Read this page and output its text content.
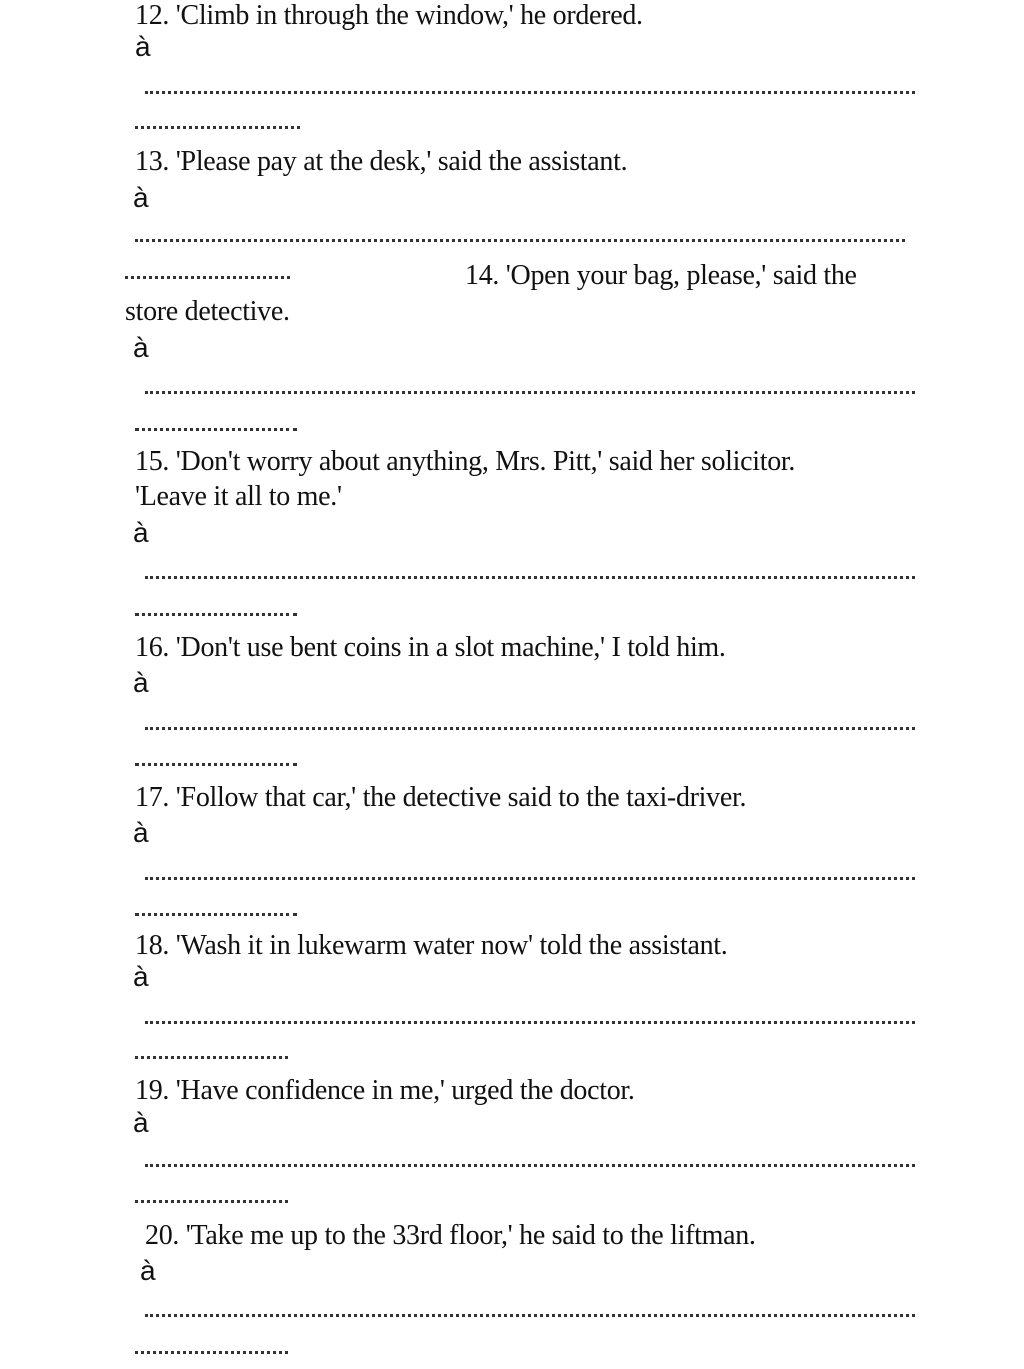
12. 'Climb in through the window,' he ordered.
à
13. 'Please pay at the desk,' said the assistant.
à
14. 'Open your bag, please,' said the
store detective.
à
15. 'Don't worry about anything, Mrs. Pitt,' said her solicitor.
'Leave it all to me.'
à
16. 'Don't use bent coins in a slot machine,' I told him.
à
17. 'Follow that car,' the detective said to the taxi-driver.
à
18. 'Wash it in lukewarm water now' told the assistant.
à
19. 'Have confidence in me,' urged the doctor.
à
20. 'Take me up to the 33rd floor,' he said to the liftman.
à
